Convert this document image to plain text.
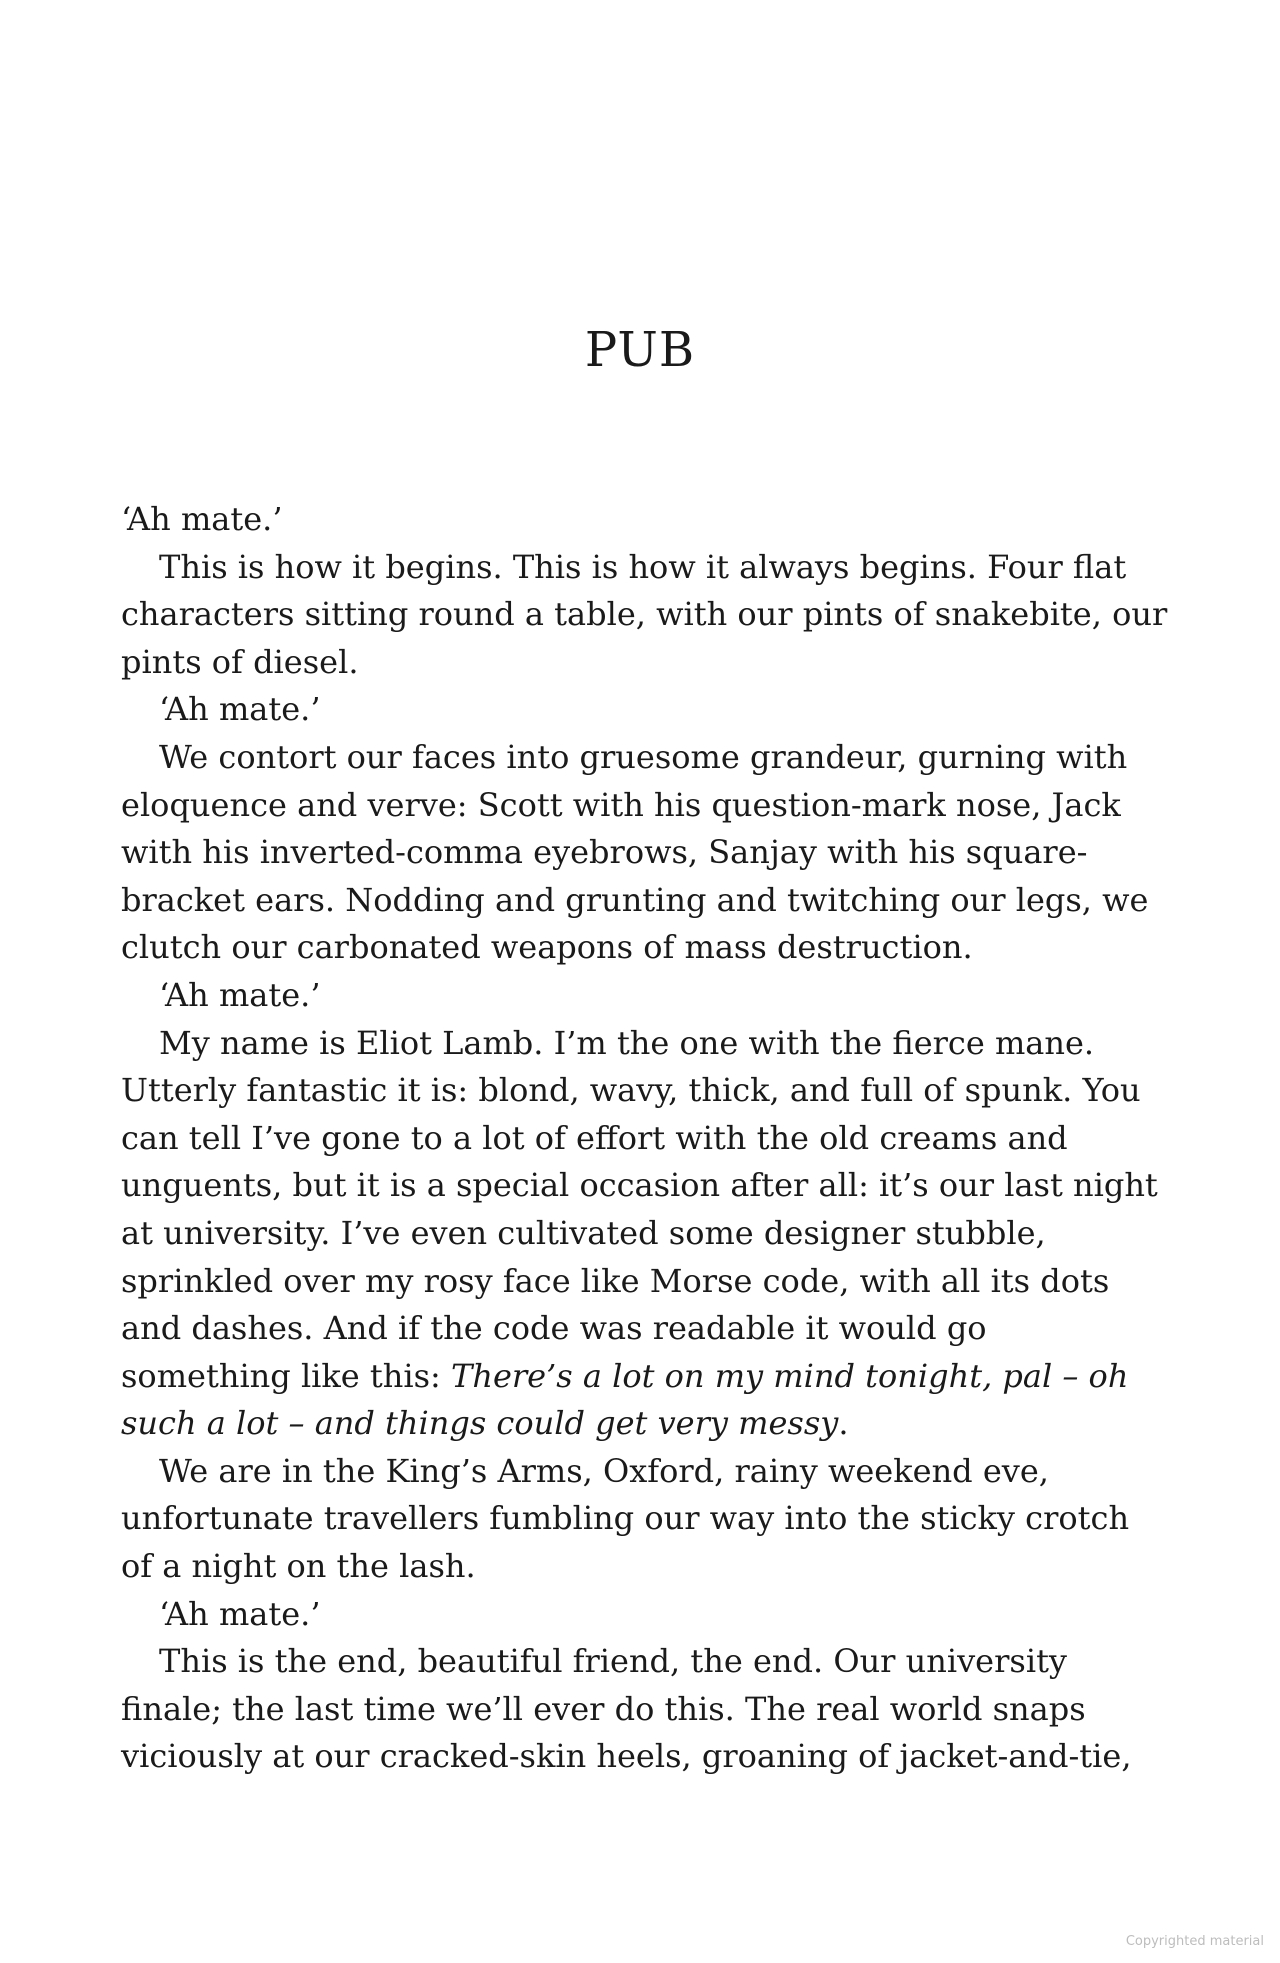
PUB

‘Ah mate.’

This is how it begins. This is how it always begins. Four flat
characters sitting round a table, with our pints of snakebite, our
pints of diesel.

‘Ah mate.’

We contort our faces into gruesome grandeur, gurning with
eloquence and verve: Scott with his question-mark nose, Jack
with his inverted-comma eyebrows, Sanjay with his square-
bracket ears. Nodding and grunting and twitching our legs, we
clutch our carbonated weapons of mass destruction.

‘Ah mate.’

My name is Eliot Lamb. I’m the one with the fierce mane.
Utterly fantastic it is: blond, wavy, thick, and full of spunk. You
can tell I’ve gone to a lot of effort with the old creams and
unguents, but it is a special occasion after all: it’s our last night
at university. I’ve even cultivated some designer stubble,
sprinkled over my rosy face like Morse code, with all its dots
and dashes. And if the code was readable it would go
something like this: There’s a lot on my mind tonight, pal – oh
such a lot – and things could get very messy.

We are in the King’s Arms, Oxford, rainy weekend eve,
unfortunate travellers fumbling our way into the sticky crotch
of a night on the lash.

‘Ah mate.’

This is the end, beautiful friend, the end. Our university
finale; the last time we’ll ever do this. The real world snaps
viciously at our cracked-skin heels, groaning of jacket-and-tie,

Copyrighted material
